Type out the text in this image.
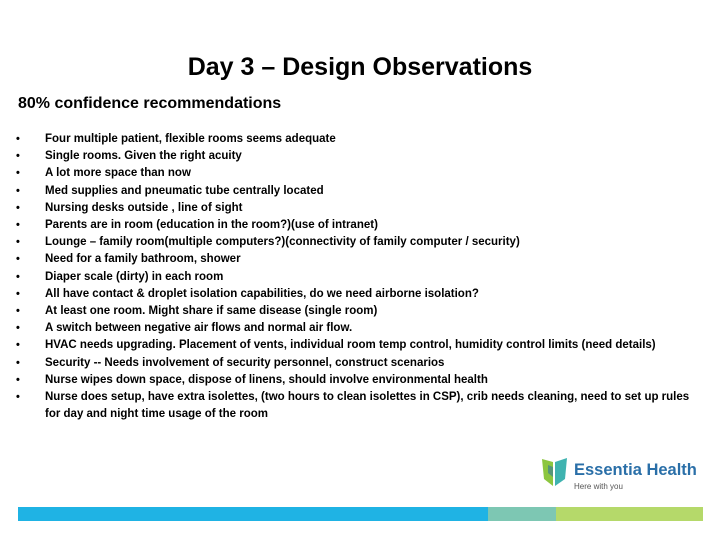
Day 3 – Design Observations
80% confidence recommendations
•	Four multiple patient, flexible rooms seems adequate
•	Single rooms. Given the right acuity
•	A lot more space than now
•	Med supplies and pneumatic tube centrally located
•	Nursing desks outside , line of sight
•	Parents are in room (education in the room?)(use of intranet)
•	Lounge – family room(multiple computers?)(connectivity of family computer / security)
•	Need for a family bathroom, shower
•	Diaper scale (dirty) in each room
•	All have contact & droplet isolation capabilities, do we need airborne isolation?
•	At least one room. Might share if same disease (single room)
•	A switch between negative air flows and normal air flow.
•	HVAC needs upgrading. Placement of vents, individual room temp control, humidity control limits (need details)
•	Security -- Needs involvement of security personnel, construct scenarios
•	Nurse wipes down space, dispose of linens, should involve environmental health
•	Nurse does setup, have extra isolettes, (two hours to clean isolettes in CSP), crib needs cleaning, need to set up rules for day and night time usage of the room
Essentia Health
Here with you
